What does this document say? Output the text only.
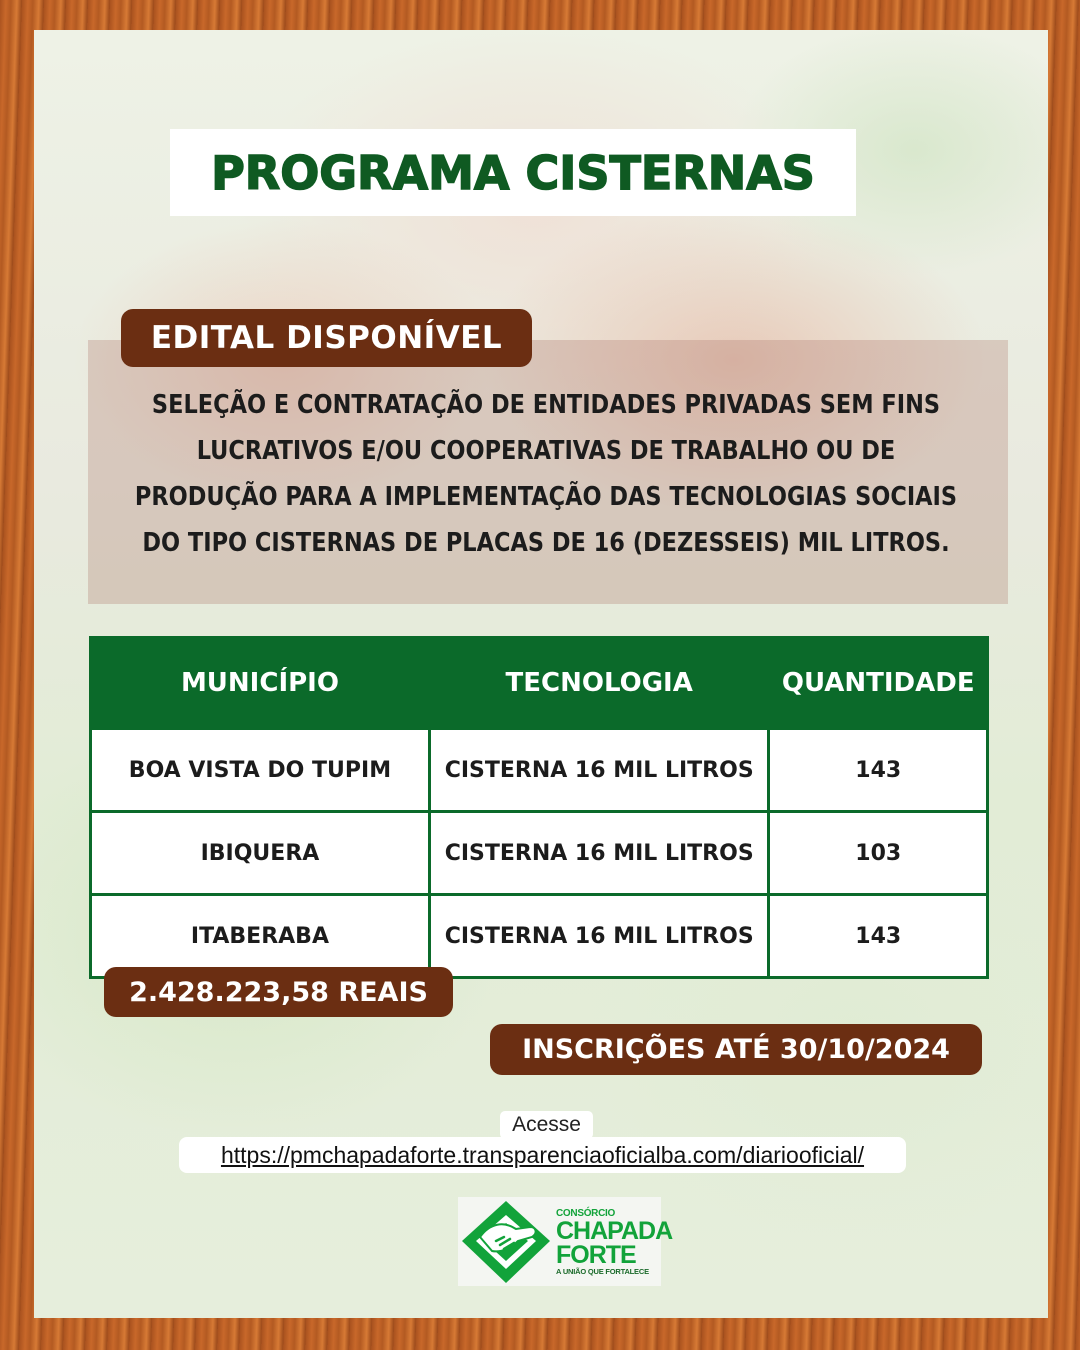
PROGRAMA CISTERNAS
EDITAL DISPONÍVEL
SELEÇÃO E CONTRATAÇÃO DE ENTIDADES PRIVADAS SEM FINS
LUCRATIVOS E/OU COOPERATIVAS DE TRABALHO OU DE
PRODUÇÃO PARA A IMPLEMENTAÇÃO DAS TECNOLOGIAS SOCIAIS
DO TIPO CISTERNAS DE PLACAS DE 16 (DEZESSEIS) MIL LITROS.
MUNICÍPIO	TECNOLOGIA	QUANTIDADE
BOA VISTA DO TUPIM	CISTERNA 16 MIL LITROS	143
IBIQUERA	CISTERNA 16 MIL LITROS	103
ITABERABA	CISTERNA 16 MIL LITROS	143
2.428.223,58 REAIS
INSCRIÇÕES ATÉ 30/10/2024
Acesse
https://pmchapadaforte.transparenciaoficialba.com/diariooficial/
CONSÓRCIO
CHAPADA
FORTE
A UNIÃO QUE FORTALECE
